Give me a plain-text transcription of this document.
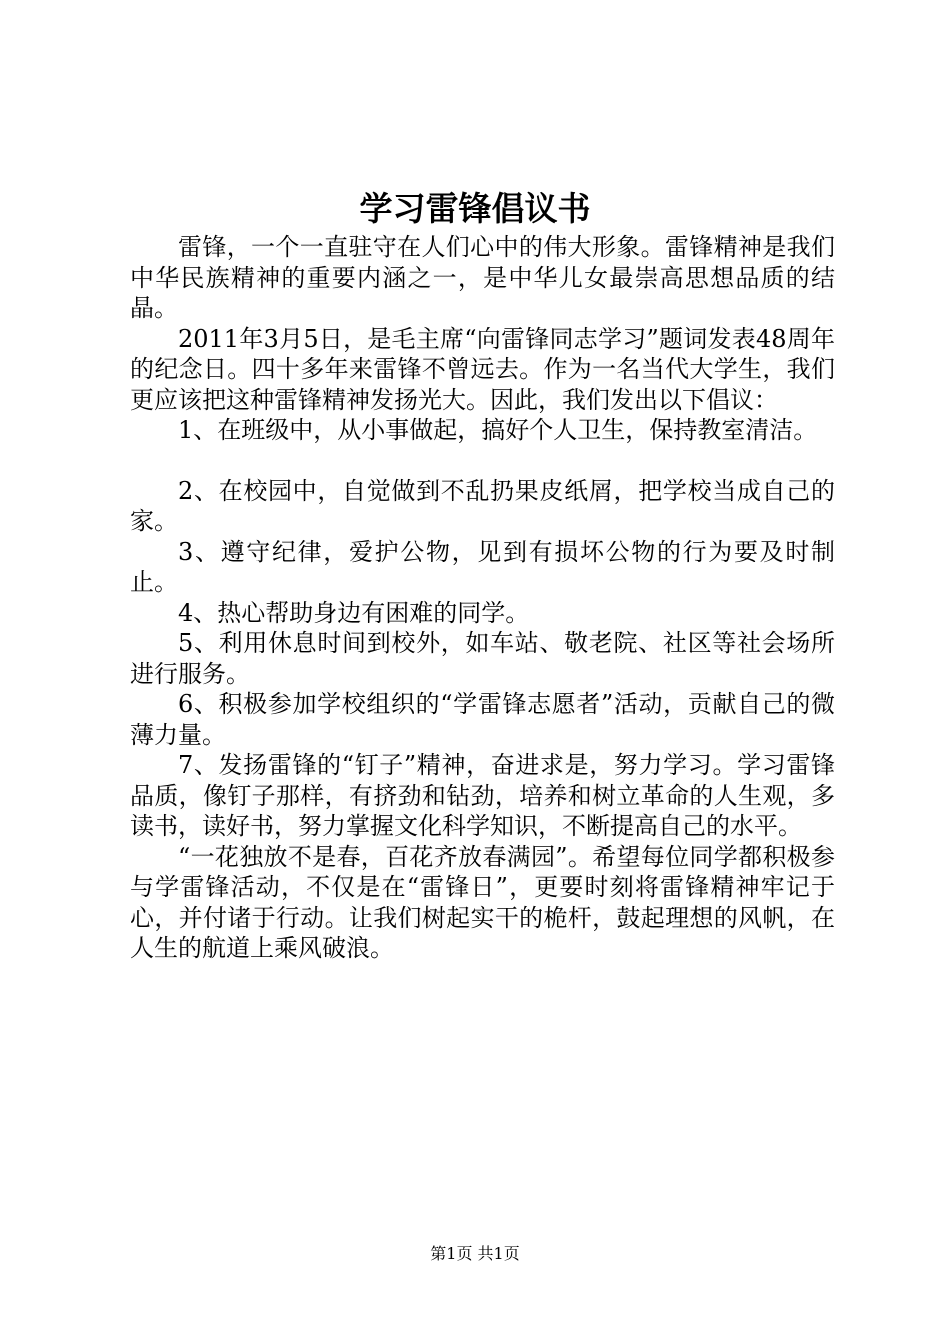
学习雷锋倡议书

雷锋，一个一直驻守在人们心中的伟大形象。雷锋精神是我们中华民族精神的重要内涵之一，是中华儿女最崇高思想品质的结晶。

2011年3月5日，是毛主席“向雷锋同志学习”题词发表48周年的纪念日。四十多年来雷锋不曾远去。作为一名当代大学生，我们更应该把这种雷锋精神发扬光大。因此，我们发出以下倡议：

1、在班级中，从小事做起，搞好个人卫生，保持教室清洁。

2、在校园中，自觉做到不乱扔果皮纸屑，把学校当成自己的家。

3、遵守纪律，爱护公物，见到有损坏公物的行为要及时制止。

4、热心帮助身边有困难的同学。

5、利用休息时间到校外，如车站、敬老院、社区等社会场所进行服务。

6、积极参加学校组织的“学雷锋志愿者”活动，贡献自己的微薄力量。

7、发扬雷锋的“钉子”精神，奋进求是，努力学习。学习雷锋品质，像钉子那样，有挤劲和钻劲，培养和树立革命的人生观，多读书，读好书，努力掌握文化科学知识，不断提高自己的水平。

“一花独放不是春，百花齐放春满园”。希望每位同学都积极参与学雷锋活动，不仅是在“雷锋日”，更要时刻将雷锋精神牢记于心，并付诸于行动。让我们树起实干的桅杆，鼓起理想的风帆，在人生的航道上乘风破浪。

第1页 共1页
